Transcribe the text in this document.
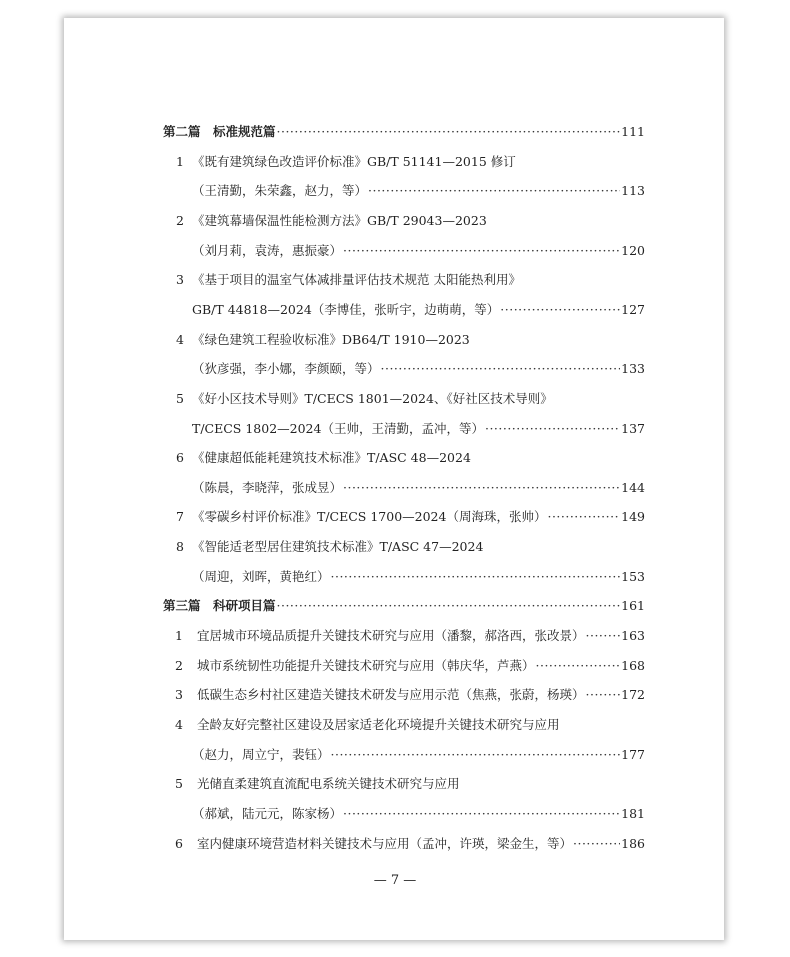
第二篇　标准规范篇 ·····	111
1 《既有建筑绿色改造评价标准》GB/T 51141—2015 修订
（王清勤，朱荣鑫，赵力，等） ·····	113
2 《建筑幕墙保温性能检测方法》GB/T 29043—2023
（刘月莉，袁涛，惠振豪） ·····	120
3 《基于项目的温室气体减排量评估技术规范 太阳能热利用》
GB/T 44818—2024（李博佳，张昕宇，边萌萌，等） ·····	127
4 《绿色建筑工程验收标准》DB64/T 1910—2023
（狄彦强，李小娜，李颜颐，等） ·····	133
5 《好小区技术导则》T/CECS 1801—2024、《好社区技术导则》
T/CECS 1802—2024（王帅，王清勤，孟冲，等） ·····	137
6 《健康超低能耗建筑技术标准》T/ASC 48—2024
（陈晨，李晓萍，张成昱） ·····	144
7 《零碳乡村评价标准》T/CECS 1700—2024（周海珠，张帅） ·····	149
8 《智能适老型居住建筑技术标准》T/ASC 47—2024
（周迎，刘晖，黄艳红） ·····	153
第三篇　科研项目篇 ·····	161
1 宜居城市环境品质提升关键技术研究与应用（潘黎，郝洛西，张改景） ·····	163
2 城市系统韧性功能提升关键技术研究与应用（韩庆华，芦燕） ·····	168
3 低碳生态乡村社区建造关键技术研发与应用示范（焦燕，张蔚，杨瑛） ·····	172
4 全龄友好完整社区建设及居家适老化环境提升关键技术研究与应用
（赵力，周立宁，裴钰） ·····	177
5 光储直柔建筑直流配电系统关键技术研究与应用
（郝斌，陆元元，陈家杨） ·····	181
6 室内健康环境营造材料关键技术与应用（孟冲，许瑛，梁金生，等） ·····	186
— 7 —
